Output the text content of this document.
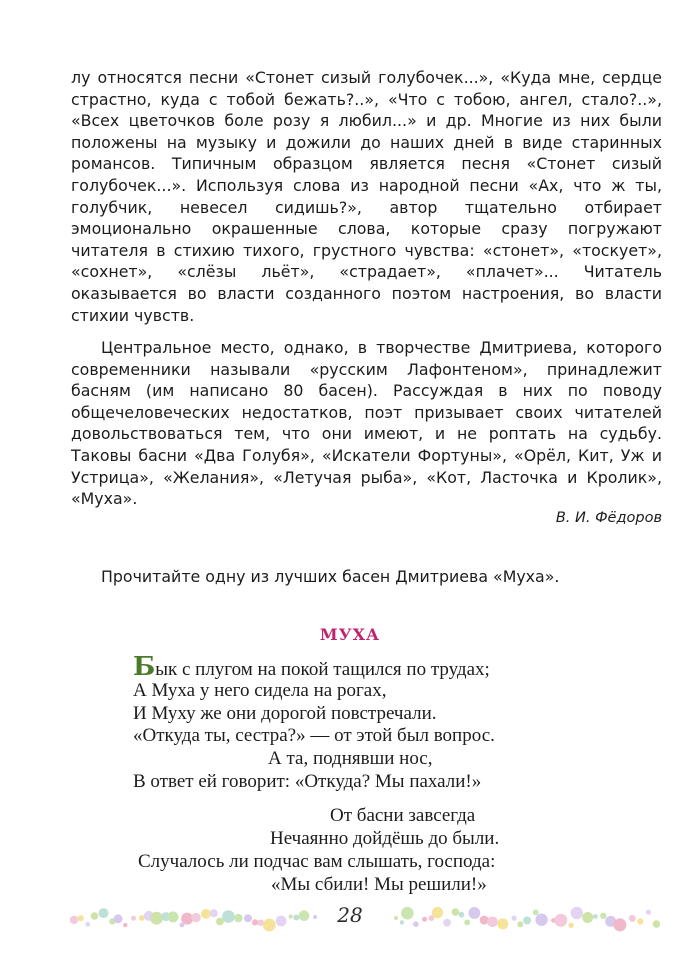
лу относятся песни «Стонет сизый голубочек...», «Куда мне, сердце страстно, куда с тобой бежать?..», «Что с тобою, ангел, стало?..», «Всех цветочков боле розу я любил...» и др. Многие из них были положены на музыку и дожили до наших дней в виде старинных романсов. Типичным образцом является песня «Стонет сизый голубочек...». Используя слова из народной песни «Ах, что ж ты, голубчик, невесел сидишь?», автор тщательно отбирает эмоционально окрашенные слова, которые сразу погружают читателя в стихию тихого, грустного чувства: «стонет», «тоскует», «сохнет», «слёзы льёт», «страдает», «плачет»... Читатель оказывается во власти созданного поэтом настроения, во власти стихии чувств.

Центральное место, однако, в творчестве Дмитриева, которого современники называли «русским Лафонтеном», принадлежит басням (им написано 80 басен). Рассуждая в них по поводу общечеловеческих недостатков, поэт призывает своих читателей довольствоваться тем, что они имеют, и не роптать на судьбу. Таковы басни «Два Голубя», «Искатели Фортуны», «Орёл, Кит, Уж и Устрица», «Желания», «Летучая рыба», «Кот, Ласточка и Кролик», «Муха».

В. И. Фёдоров
Прочитайте одну из лучших басен Дмитриева «Муха».
МУХА
Бык с плугом на покой тащился по трудах;
А Муха у него сидела на рогах,
И Муху же они дорогой повстречали.
«Откуда ты, сестра?» — от этой был вопрос.
А та, поднявши нос,
В ответ ей говорит: «Откуда? Мы пахали!»
От басни завсегда
Нечаянно дойдёшь до были.
Случалось ли подчас вам слышать, господа:
«Мы сбили! Мы решили!»
28
